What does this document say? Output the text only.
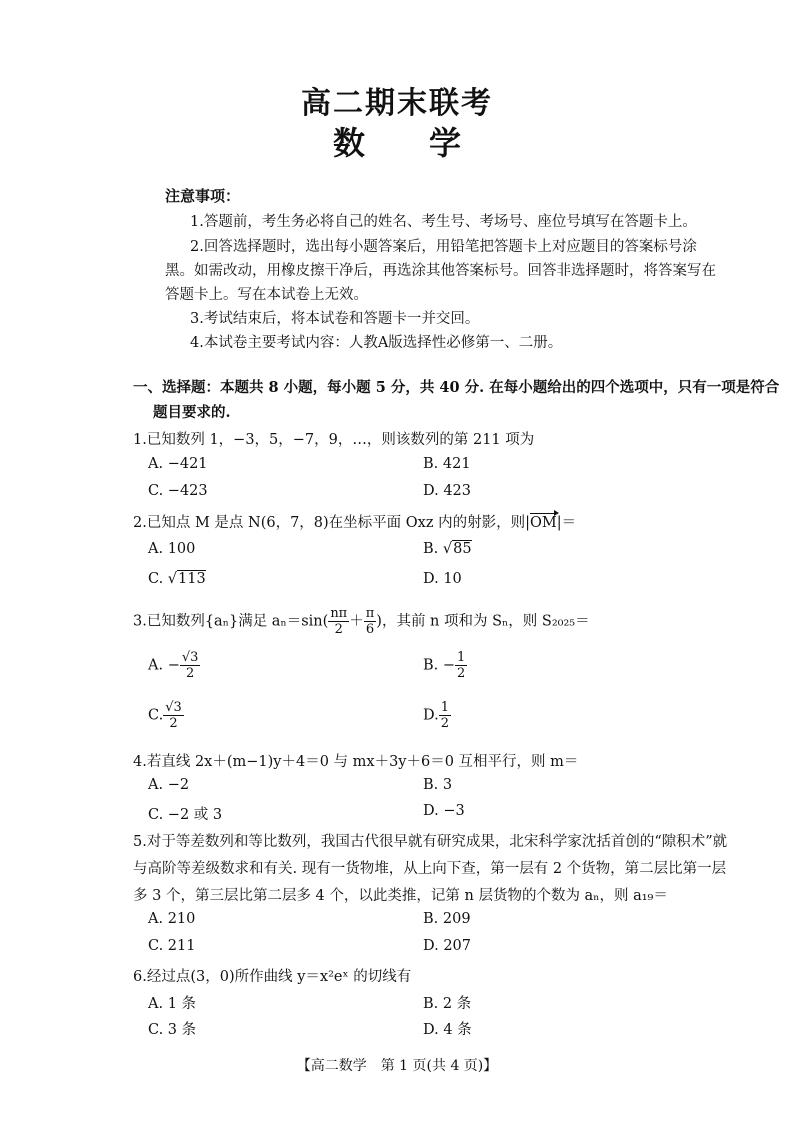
高二期末联考
数 学
注意事项：
1.答题前，考生务必将自己的姓名、考生号、考场号、座位号填写在答题卡上。
2.回答选择题时，选出每小题答案后，用铅笔把答题卡上对应题目的答案标号涂
黑。如需改动，用橡皮擦干净后，再选涂其他答案标号。回答非选择题时，将答案写在
答题卡上。写在本试卷上无效。
3.考试结束后，将本试卷和答题卡一并交回。
4.本试卷主要考试内容：人教A版选择性必修第一、二册。
一、选择题：本题共 8 小题，每小题 5 分，共 40 分. 在每小题给出的四个选项中，只有一项是符合
题目要求的.
1.已知数列 1，−3，5，−7，9，…，则该数列的第 211 项为
A. −421	B. 421
C. −423	D. 423
2.已知点 M 是点 N(6，7，8)在坐标平面 Oxz 内的射影，则|OM|＝
A. 100	B. √85
C. √113	D. 10
3.已知数列{aₙ}满足 $a_n=\sin( \frac{n\pi}{2} + \frac{\pi}{6}$ )，其前 n 项和为 Sₙ，则 S₂₀₂₅＝
A. − $\frac{√3}{2}$	B. − $\frac{1}{2}$
C. $\frac{√3}{2}$	D. $\frac{1}{2}$
4.若直线 2x＋(m−1)y＋4＝0 与 mx＋3y＋6＝0 互相平行，则 m＝
A. −2	B. 3
C. −2 或 3	D. −3
5.对于等差数列和等比数列，我国古代很早就有研究成果，北宋科学家沈括首创的“隙积术”就
与高阶等差级数求和有关. 现有一货物堆，从上向下查，第一层有 2 个货物，第二层比第一层
多 3 个，第三层比第二层多 4 个，以此类推，记第 n 层货物的个数为 aₙ，则 a₁₉＝
A. 210	B. 209
C. 211	D. 207
6.经过点(3，0)所作曲线 y＝x²eˣ 的切线有
A. 1 条	B. 2 条
C. 3 条	D. 4 条
【高二数学　第 1 页(共 4 页)】
